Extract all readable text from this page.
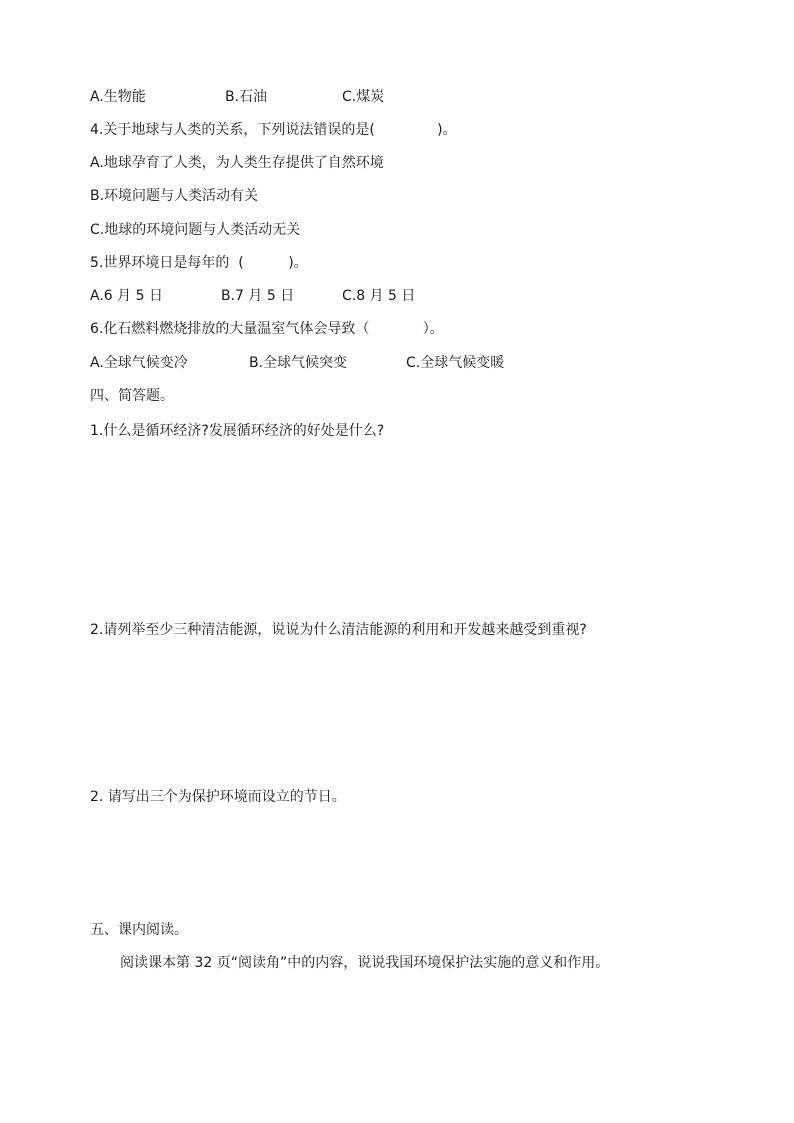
A.生物能	B.石油	C.煤炭
4.关于地球与人类的关系，下列说法错误的是(              )。
A.地球孕育了人类，为人类生存提供了自然环境
B.环境问题与人类活动有关
C.地球的环境问题与人类活动无关
5.世界环境日是每年的  (          )。
A.6 月 5 日	B.7 月 5 日	C.8 月 5 日
6.化石燃料燃烧排放的大量温室气体会导致（            ）。
A.全球气候变冷	B.全球气候突变	C.全球气候变暖
四、简答题。
1.什么是循环经济?发展循环经济的好处是什么?
2.请列举至少三种清洁能源，说说为什么清洁能源的利用和开发越来越受到重视?
2. 请写出三个为保护环境而设立的节日。
五、课内阅读。
阅读课本第 32 页“阅读角”中的内容，说说我国环境保护法实施的意义和作用。
